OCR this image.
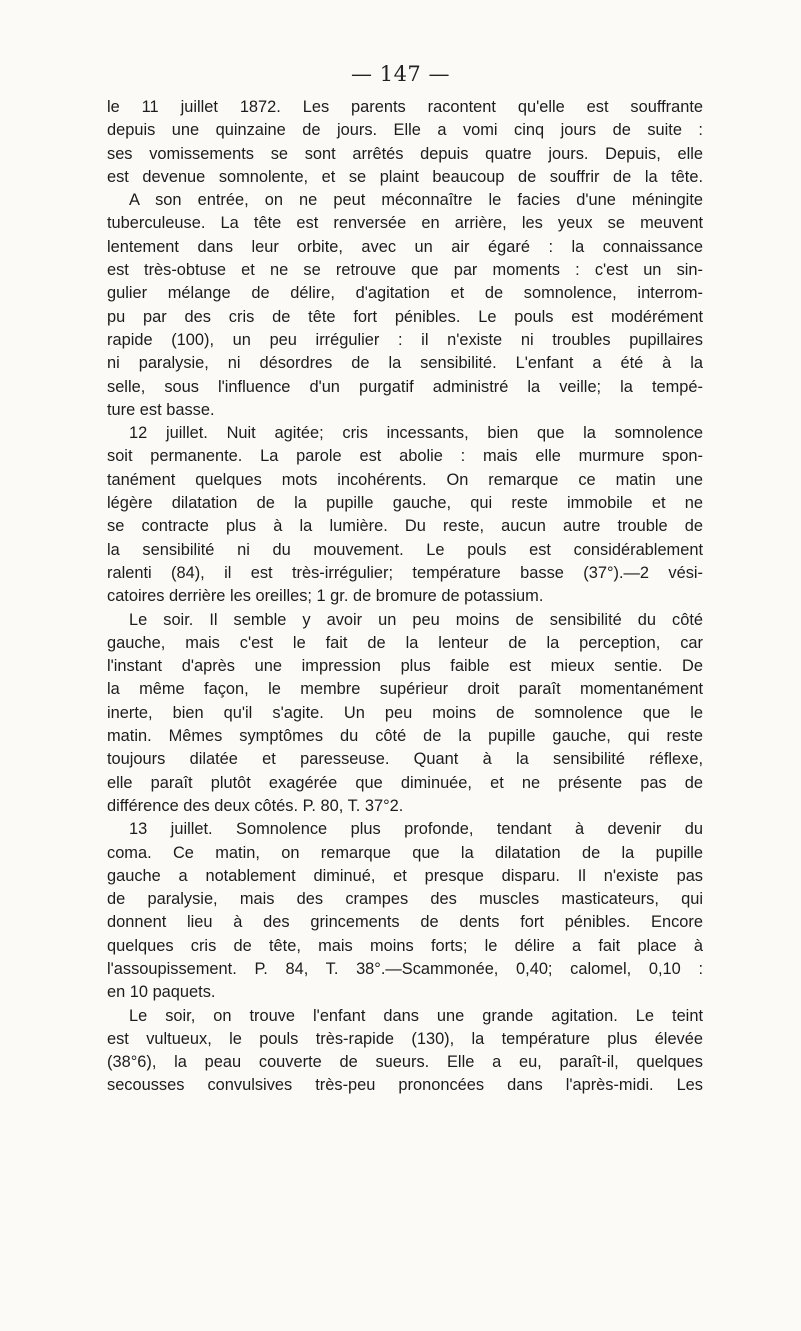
— 147 —
le 11 juillet 1872. Les parents racontent qu'elle est souffrante
depuis une quinzaine de jours. Elle a vomi cinq jours de suite :
ses vomissements se sont arrêtés depuis quatre jours. Depuis, elle
est devenue somnolente, et se plaint beaucoup de souffrir de la tête.
A son entrée, on ne peut méconnaître le facies d'une méningite
tuberculeuse. La tête est renversée en arrière, les yeux se meuvent
lentement dans leur orbite, avec un air égaré : la connaissance
est très-obtuse et ne se retrouve que par moments : c'est un sin-
gulier mélange de délire, d'agitation et de somnolence, interrom-
pu par des cris de tête fort pénibles. Le pouls est modérément
rapide (100), un peu irrégulier : il n'existe ni troubles pupillaires
ni paralysie, ni désordres de la sensibilité. L'enfant a été à la
selle, sous l'influence d'un purgatif administré la veille; la tempé-
ture est basse.
12 juillet. Nuit agitée; cris incessants, bien que la somnolence
soit permanente. La parole est abolie : mais elle murmure spon-
tanément quelques mots incohérents. On remarque ce matin une
légère dilatation de la pupille gauche, qui reste immobile et ne
se contracte plus à la lumière. Du reste, aucun autre trouble de
la sensibilité ni du mouvement. Le pouls est considérablement
ralenti (84), il est très-irrégulier; température basse (37°).—2 vési-
catoires derrière les oreilles; 1 gr. de bromure de potassium.
Le soir. Il semble y avoir un peu moins de sensibilité du côté
gauche, mais c'est le fait de la lenteur de la perception, car
l'instant d'après une impression plus faible est mieux sentie. De
la même façon, le membre supérieur droit paraît momentanément
inerte, bien qu'il s'agite. Un peu moins de somnolence que le
matin. Mêmes symptômes du côté de la pupille gauche, qui reste
toujours dilatée et paresseuse. Quant à la sensibilité réflexe,
elle paraît plutôt exagérée que diminuée, et ne présente pas de
différence des deux côtés. P. 80, T. 37°2.
13 juillet. Somnolence plus profonde, tendant à devenir du
coma. Ce matin, on remarque que la dilatation de la pupille
gauche a notablement diminué, et presque disparu. Il n'existe pas
de paralysie, mais des crampes des muscles masticateurs, qui
donnent lieu à des grincements de dents fort pénibles. Encore
quelques cris de tête, mais moins forts; le délire a fait place à
l'assoupissement. P. 84, T. 38°.—Scammonée, 0,40; calomel, 0,10 :
en 10 paquets.
Le soir, on trouve l'enfant dans une grande agitation. Le teint
est vultueux, le pouls très-rapide (130), la température plus élevée
(38°6), la peau couverte de sueurs. Elle a eu, paraît-il, quelques
secousses convulsives très-peu prononcées dans l'après-midi. Les
